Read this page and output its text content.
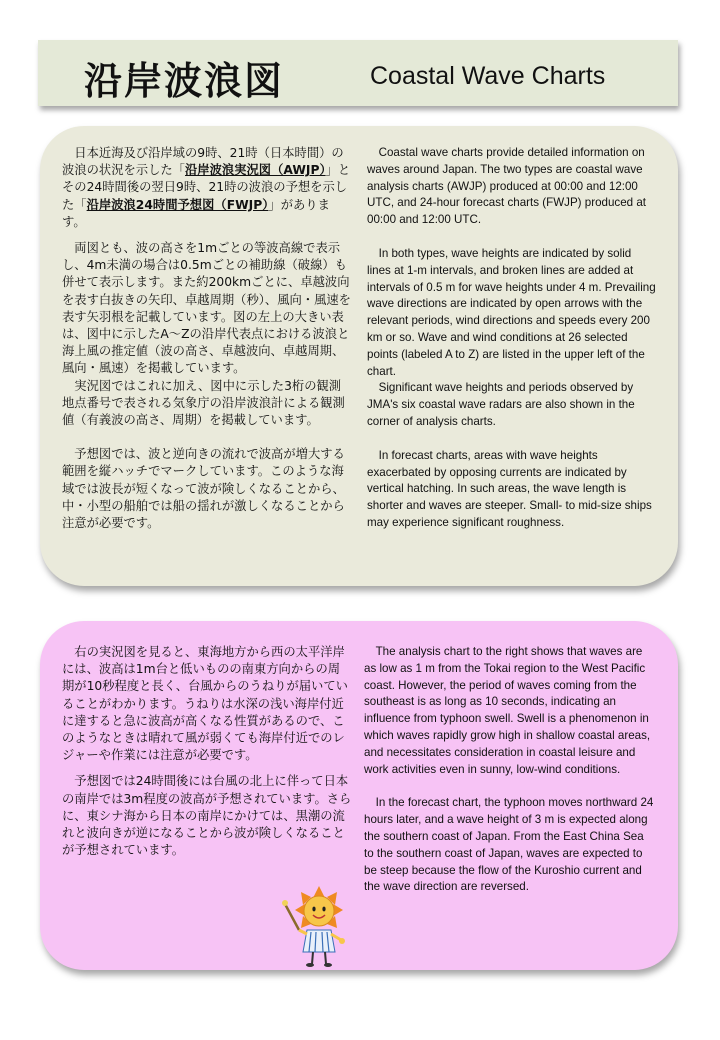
沿岸波浪図	Coastal Wave Charts

日本近海及び沿岸域の9時、21時（日本時間）の波浪の状況を示した「沿岸波浪実況図（AWJP）」とその24時間後の翌日9時、21時の波浪の予想を示した「沿岸波浪24時間予想図（FWJP）」があります。

両図とも、波の高さを1mごとの等波高線で表示し、4m未満の場合は0.5mごとの補助線（破線）も併せて表示します。また約200kmごとに、卓越波向を表す白抜きの矢印、卓越周期（秒）、風向・風速を表す矢羽根を記載しています。図の左上の大きい表は、図中に示したA〜Zの沿岸代表点における波浪と海上風の推定値（波の高さ、卓越波向、卓越周期、風向・風速）を掲載しています。

実況図ではこれに加え、図中に示した3桁の観測地点番号で表される気象庁の沿岸波浪計による観測値（有義波の高さ、周期）を掲載しています。

予想図では、波と逆向きの流れで波高が増大する範囲を縦ハッチでマークしています。このような海域では波長が短くなって波が険しくなることから、中・小型の船舶では船の揺れが激しくなることから注意が必要です。

Coastal wave charts provide detailed information on waves around Japan. The two types are coastal wave analysis charts (AWJP) produced at 00:00 and 12:00 UTC, and 24-hour forecast charts (FWJP) produced at 00:00 and 12:00 UTC.

In both types, wave heights are indicated by solid lines at 1-m intervals, and broken lines are added at intervals of 0.5 m for wave heights under 4 m. Prevailing wave directions are indicated by open arrows with the relevant periods, wind directions and speeds every 200 km or so. Wave and wind conditions at 26 selected points (labeled A to Z) are listed in the upper left of the chart.

Significant wave heights and periods observed by JMA's six coastal wave radars are also shown in the corner of analysis charts.

In forecast charts, areas with wave heights exacerbated by opposing currents are indicated by vertical hatching. In such areas, the wave length is shorter and waves are steeper. Small- to mid-size ships may experience significant roughness.

右の実況図を見ると、東海地方から西の太平洋岸には、波高は1m台と低いものの南東方向からの周期が10秒程度と長く、台風からのうねりが届いていることがわかります。うねりは水深の浅い海岸付近に達すると急に波高が高くなる性質があるので、このようなときは晴れて風が弱くても海岸付近でのレジャーや作業には注意が必要です。

予想図では24時間後には台風の北上に伴って日本の南岸では3m程度の波高が予想されています。さらに、東シナ海から日本の南岸にかけては、黒潮の流れと波向きが逆になることから波が険しくなることが予想されています。

The analysis chart to the right shows that waves are as low as 1 m from the Tokai region to the West Pacific coast. However, the period of waves coming from the southeast is as long as 10 seconds, indicating an influence from typhoon swell. Swell is a phenomenon in which waves rapidly grow high in shallow coastal areas, and necessitates consideration in coastal leisure and work activities even in sunny, low-wind conditions.

In the forecast chart, the typhoon moves northward 24 hours later, and a wave height of 3 m is expected along the southern coast of Japan. From the East China Sea to the southern coast of Japan, waves are expected to be steep because the flow of the Kuroshio current and the wave direction are reversed.
